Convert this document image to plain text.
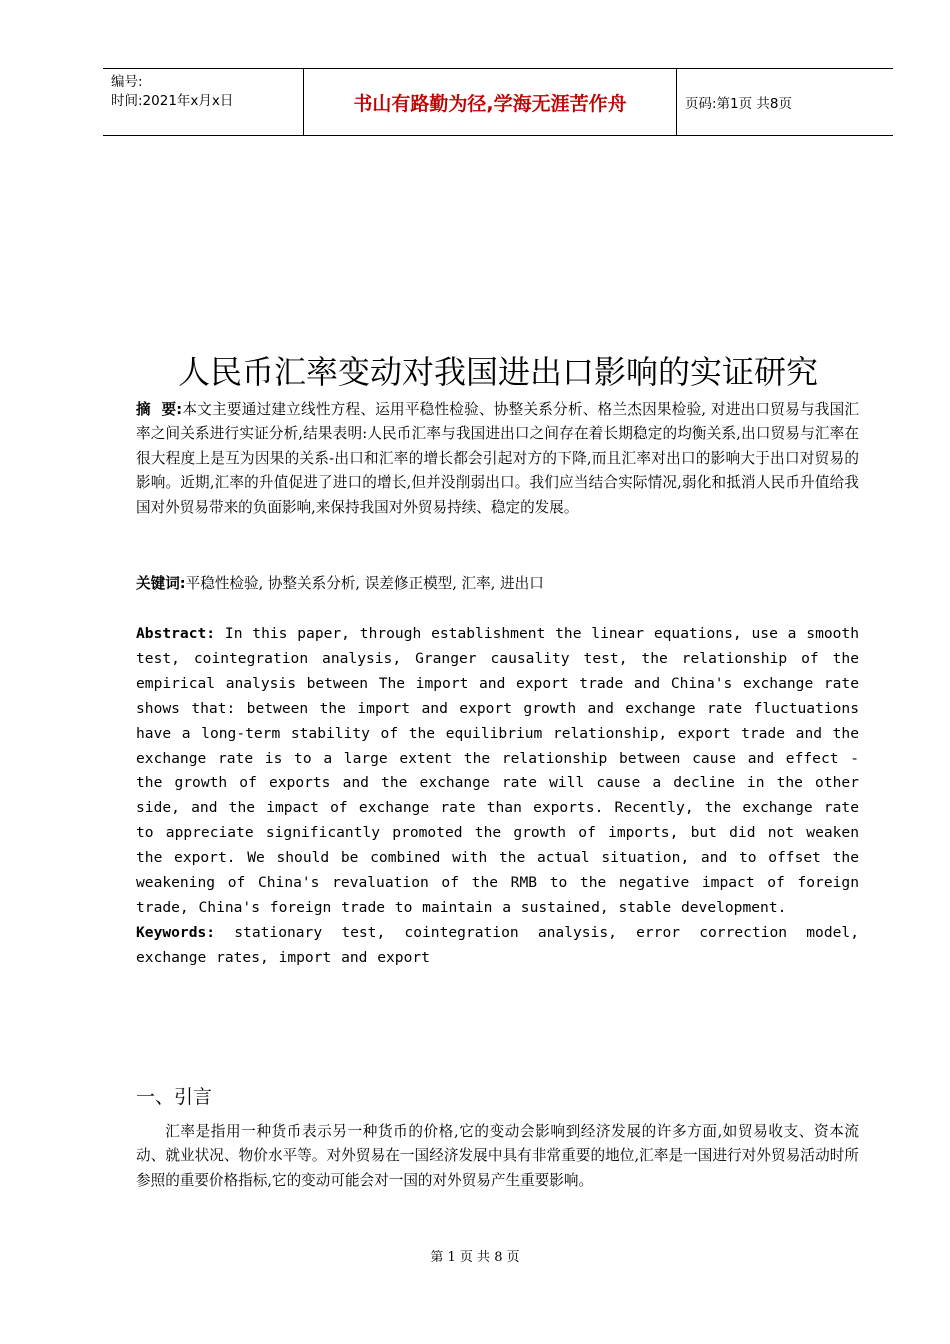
编号:
时间:2021年x月x日	书山有路勤为径,学海无涯苦作舟	页码:第1页 共8页
人民币汇率变动对我国进出口影响的实证研究
摘  要:本文主要通过建立线性方程、运用平稳性检验、协整关系分析、格兰杰因果检验, 对进出口贸易与我国汇率之间关系进行实证分析,结果表明:人民币汇率与我国进出口之间存在着长期稳定的均衡关系,出口贸易与汇率在很大程度上是互为因果的关系-出口和汇率的增长都会引起对方的下降,而且汇率对出口的影响大于出口对贸易的影响。近期,汇率的升值促进了进口的增长,但并没削弱出口。我们应当结合实际情况,弱化和抵消人民币升值给我国对外贸易带来的负面影响,来保持我国对外贸易持续、稳定的发展。
关键词:平稳性检验, 协整关系分析, 误差修正模型, 汇率, 进出口
Abstract: In this paper, through establishment the linear equations, use a smooth test, cointegration analysis, Granger causality test, the relationship of the empirical analysis between The import and export trade and China's exchange rate shows that: between the import and export growth and exchange rate fluctuations have a long-term stability of the equilibrium relationship, export trade and the exchange rate is to a large extent the relationship between cause and effect - the growth of exports and the exchange rate will cause a decline in the other side, and the impact of exchange rate than exports. Recently, the exchange rate to appreciate significantly promoted the growth of imports, but did not weaken the export. We should be combined with the actual situation, and to offset the weakening of China's revaluation of the RMB to the negative impact of foreign trade, China's foreign trade to maintain a sustained, stable development.
Keywords: stationary test, cointegration analysis, error correction model, exchange rates, import and export
一、引言
汇率是指用一种货币表示另一种货币的价格,它的变动会影响到经济发展的许多方面,如贸易收支、资本流动、就业状况、物价水平等。对外贸易在一国经济发展中具有非常重要的地位,汇率是一国进行对外贸易活动时所参照的重要价格指标,它的变动可能会对一国的对外贸易产生重要影响。
第 1 页 共 8 页
